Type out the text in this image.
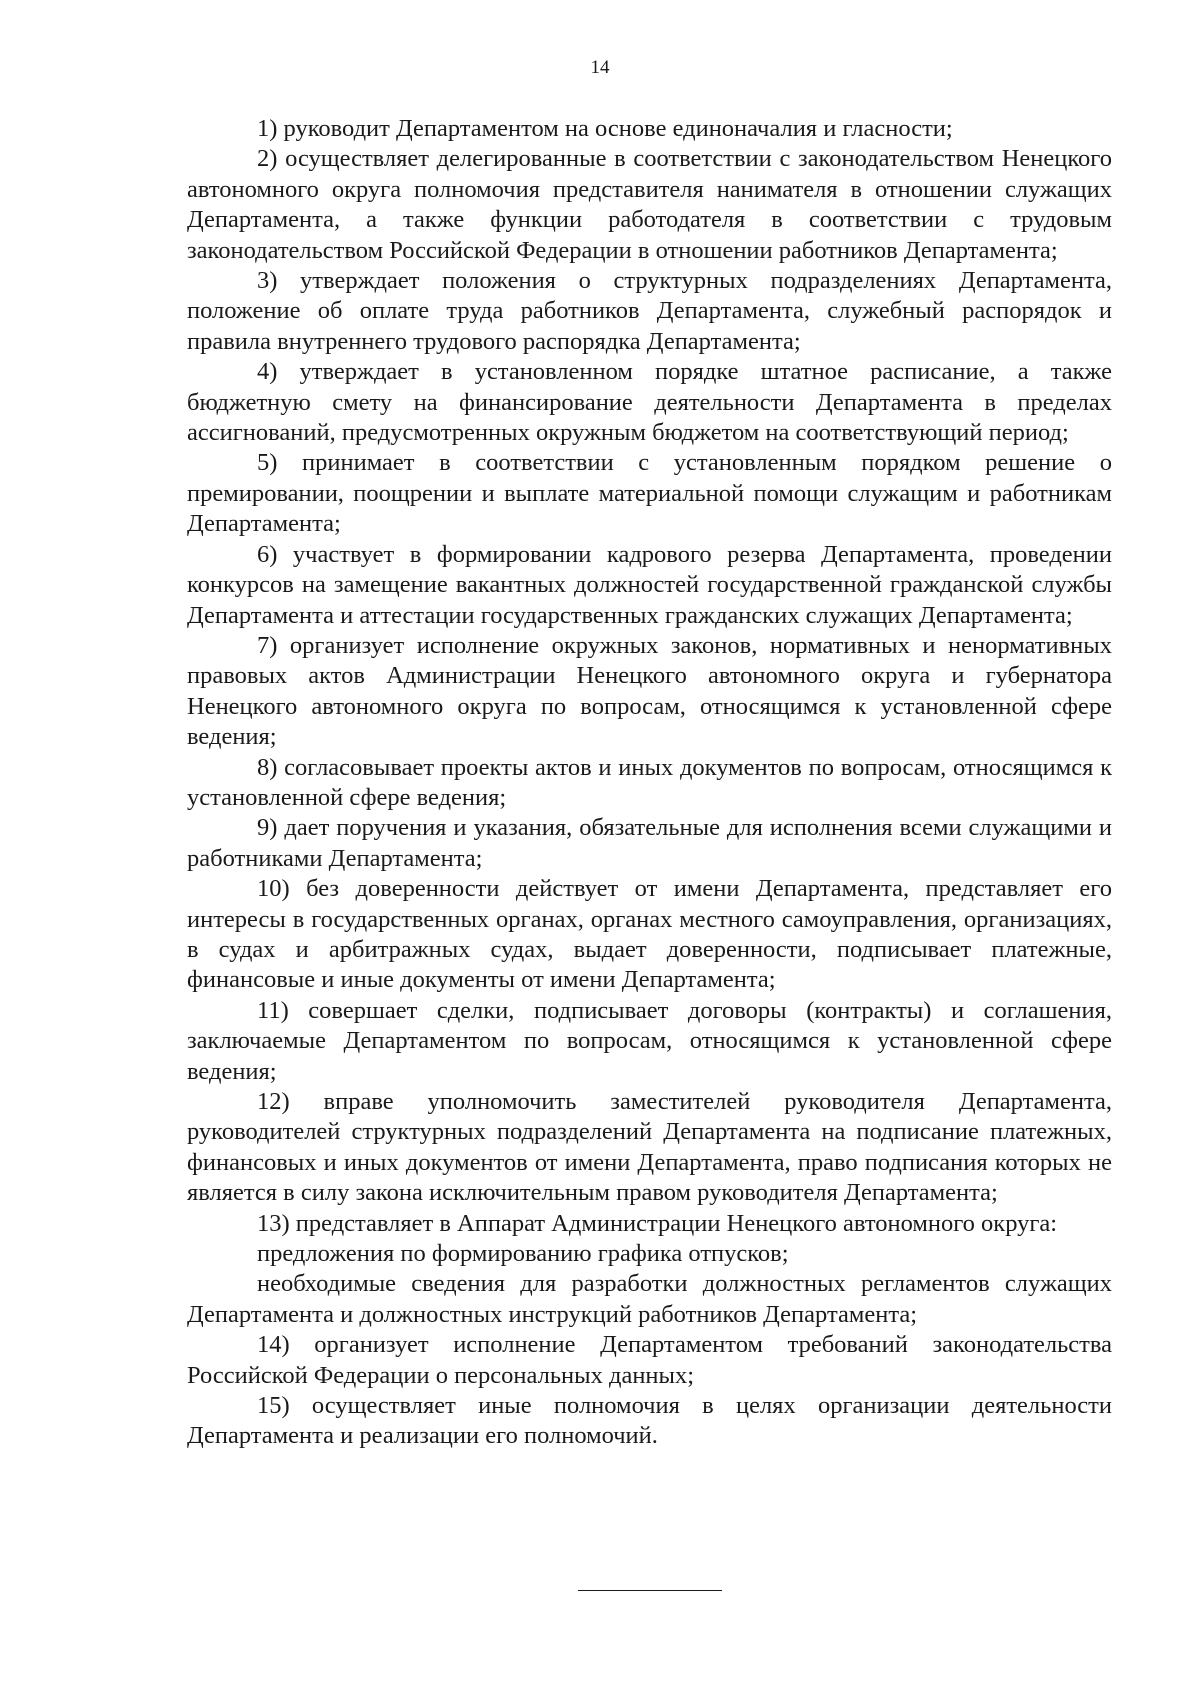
14

1) руководит Департаментом на основе единоначалия и гласности;

2) осуществляет делегированные в соответствии с законодательством Ненецкого автономного округа полномочия представителя нанимателя в отношении служащих Департамента, а также функции работодателя в соответствии с трудовым законодательством Российской Федерации в отношении работников Департамента;

3) утверждает положения о структурных подразделениях Департамента, положение об оплате труда работников Департамента, служебный распорядок и правила внутреннего трудового распорядка Департамента;

4) утверждает в установленном порядке штатное расписание, а также бюджетную смету на финансирование деятельности Департамента в пределах ассигнований, предусмотренных окружным бюджетом на соответствующий период;

5) принимает в соответствии с установленным порядком решение о премировании, поощрении и выплате материальной помощи служащим и работникам Департамента;

6) участвует в формировании кадрового резерва Департамента, проведении конкурсов на замещение вакантных должностей государственной гражданской службы Департамента и аттестации государственных гражданских служащих Департамента;

7) организует исполнение окружных законов, нормативных и ненормативных правовых актов Администрации Ненецкого автономного округа и губернатора Ненецкого автономного округа по вопросам, относящимся к установленной сфере ведения;

8) согласовывает проекты актов и иных документов по вопросам, относящимся к установленной сфере ведения;

9) дает поручения и указания, обязательные для исполнения всеми служащими и работниками Департамента;

10) без доверенности действует от имени Департамента, представляет его интересы в государственных органах, органах местного самоуправления, организациях, в судах и арбитражных судах, выдает доверенности, подписывает платежные, финансовые и иные документы от имени Департамента;

11) совершает сделки, подписывает договоры (контракты) и соглашения, заключаемые Департаментом по вопросам, относящимся к установленной сфере ведения;

12) вправе уполномочить заместителей руководителя Департамента, руководителей структурных подразделений Департамента на подписание платежных, финансовых и иных документов от имени Департамента, право подписания которых не является в силу закона исключительным правом руководителя Департамента;

13) представляет в Аппарат Администрации Ненецкого автономного округа:

предложения по формированию графика отпусков;

необходимые сведения для разработки должностных регламентов служащих Департамента и должностных инструкций работников Департамента;

14) организует исполнение Департаментом требований законодательства Российской Федерации о персональных данных;

15) осуществляет иные полномочия в целях организации деятельности Департамента и реализации его полномочий.
